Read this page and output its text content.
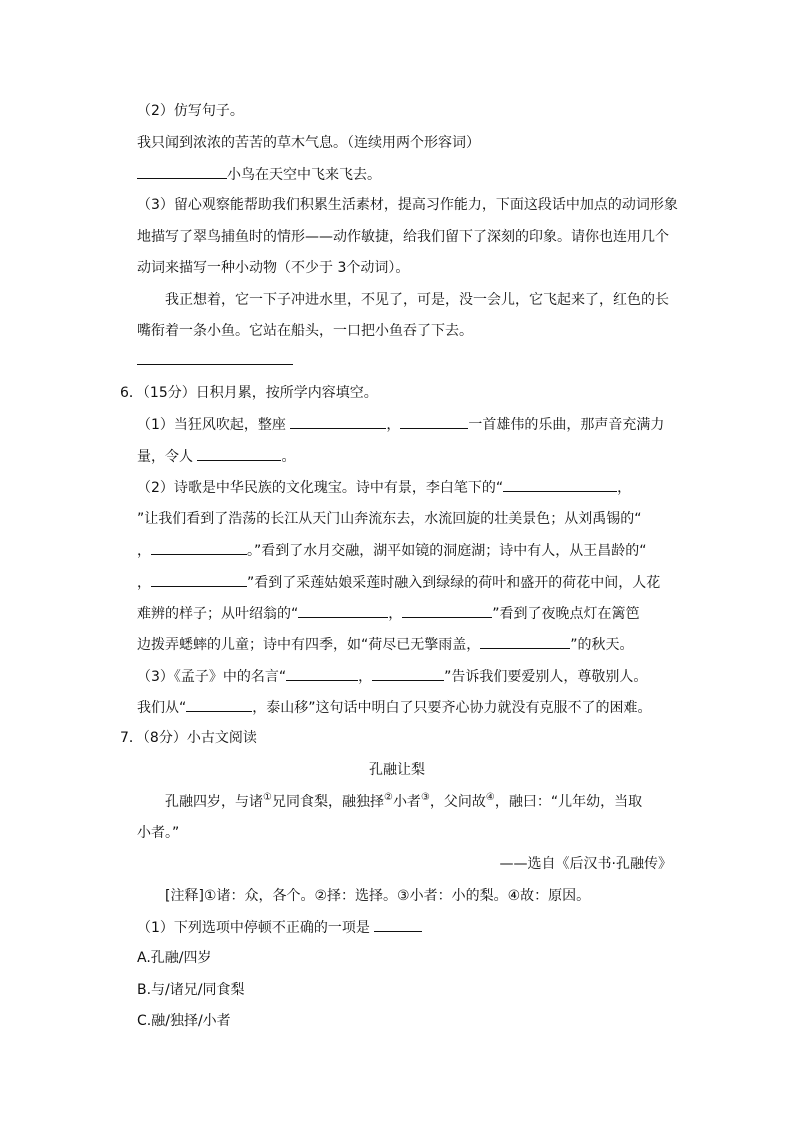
（2）仿写句子。
我只闻到浓浓的苦苦的草木气息。（连续用两个形容词）
小鸟在天空中飞来飞去。
（3）留心观察能帮助我们积累生活素材，提高习作能力，下面这段话中加点的动词形象
地描写了翠鸟捕鱼时的情形——动作敏捷，给我们留下了深刻的印象。请你也连用几个
动词来描写一种小动物（不少于 3个动词）。
我正想着，它一下子冲进水里，不见了，可是，没一会儿，它飞起来了，红色的长
嘴衔着一条小鱼。它站在船头，一口把小鱼吞了下去。
6．（15分）日积月累，按所学内容填空。
（1）当狂风吹起，整座	，	一首雄伟的乐曲，那声音充满力
量，令人	。
（2）诗歌是中华民族的文化瑰宝。诗中有景，李白笔下的“	，
”让我们看到了浩荡的长江从天门山奔流东去，水流回旋的壮美景色；从刘禹锡的“
，	。”看到了水月交融，湖平如镜的洞庭湖；诗中有人，从王昌龄的“
，	”看到了采莲姑娘采莲时融入到绿绿的荷叶和盛开的荷花中间，人花
难辨的样子；从叶绍翁的“	，	”看到了夜晚点灯在篱笆
边拨弄蟋蟀的儿童；诗中有四季，如“荷尽已无擎雨盖，	”的秋天。
（3）《孟子》中的名言“	，	”告诉我们要爱别人，尊敬别人。
我们从“	，泰山移”这句话中明白了只要齐心协力就没有克服不了的困难。
7．（8分）小古文阅读
孔融让梨
孔融四岁，与诸①兄同食梨，融独择②小者③，父问故④，融曰：“儿年幼，当取
小者。”
——选自《后汉书·孔融传》
[注释]①诸：众，各个。②择：选择。③小者：小的梨。④故：原因。
（1）下列选项中停顿不正确的一项是
A.孔融/四岁
B.与/诸兄/同食梨
C.融/独择/小者
